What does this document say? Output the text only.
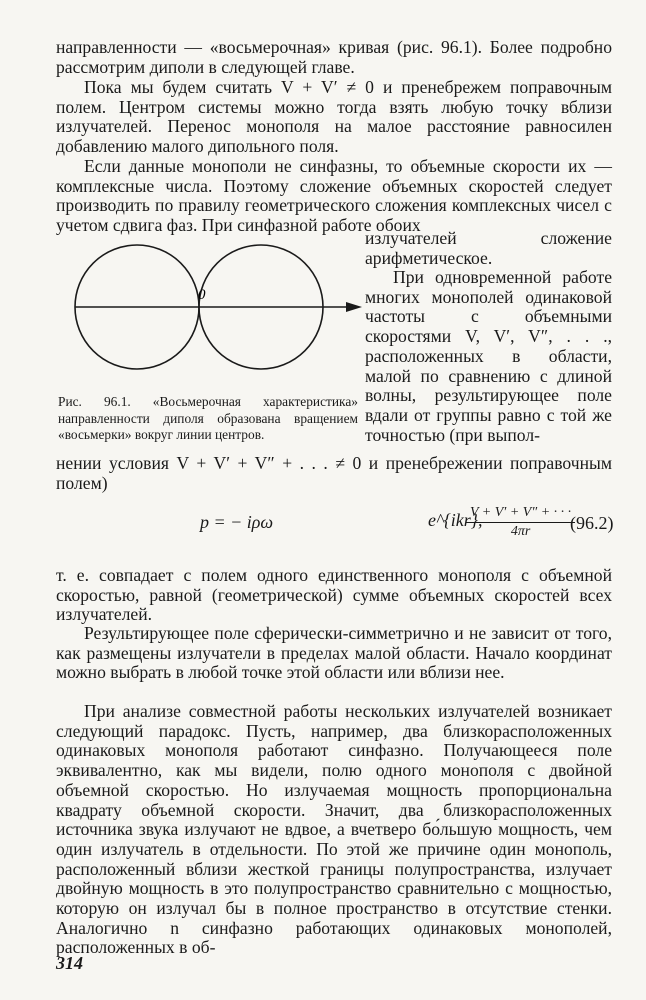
направленности — «восьмерочная» кривая (рис. 96.1). Более подробно рассмотрим диполи в следующей главе.

Пока мы будем считать V + V′ ≠ 0 и пренебрежем поправочным полем. Центром системы можно тогда взять любую точку вблизи излучателей. Перенос монополя на малое расстояние равносилен добавлению малого дипольного поля.

Если данные монополи не синфазны, то объемные скорости их — комплексные числа. Поэтому сложение объемных скоростей следует производить по правилу геометрического сложения комплексных чисел с учетом сдвига фаз. При синфазной работе обоих

излучателей сложение арифметическое.

При одновременной работе многих монополей одинаковой частоты с объемными скоростями V, V′, V″, . . ., расположенных в области, малой по сравнению с длиной волны, результирующее поле вдали от группы равно с той же точностью (при выпол-

нении условия V + V′ + V″ + . . . ≠ 0 и пренебрежении поправочным полем)

0

Рис. 96.1. «Восьмерочная характеристика» направленности диполя образована вращением «восьмерки» вокруг линии центров.

p = − iρω	$\frac{V + V' + V'' + \cdot \cdot \cdot}{4\pi r}$
e^{ikr},	(96.2)

т. е. совпадает с полем одного единственного монополя с объемной скоростью, равной (геометрической) сумме объемных скоростей всех излучателей.

Результирующее поле сферически-симметрично и не зависит от того, как размещены излучатели в пределах малой области. Начало координат можно выбрать в любой точке этой области или вблизи нее.

При анализе совместной работы нескольких излучателей возникает следующий парадокс. Пусть, например, два близкорасположенных одинаковых монополя работают синфазно. Получающееся поле эквивалентно, как мы видели, полю одного монополя с двойной объемной скоростью. Но излучаемая мощность пропорциональна квадрату объемной скорости. Значит, два близкорасположенных источника звука излучают не вдвое, а вчетверо бо́льшую мощность, чем один излучатель в отдельности. По этой же причине один монополь, расположенный вблизи жесткой границы полупространства, излучает двойную мощность в это полупространство сравнительно с мощностью, которую он излучал бы в полное пространство в отсутствие стенки. Аналогично n синфазно работающих одинаковых монополей, расположенных в об-

314
